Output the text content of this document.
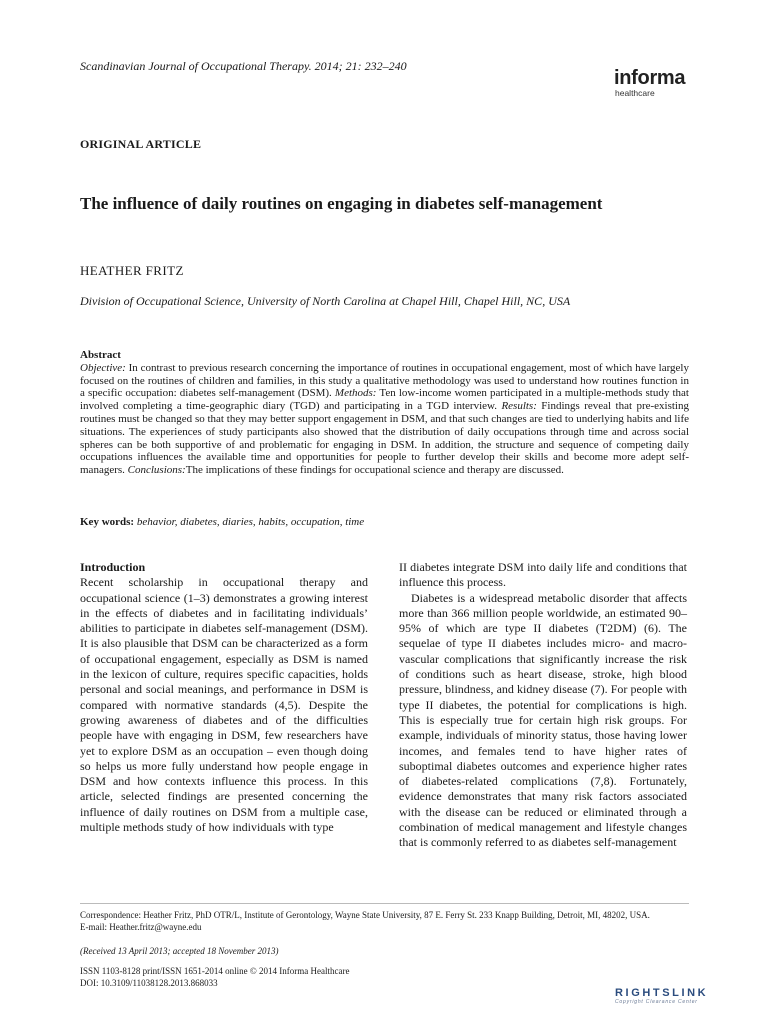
Scandinavian Journal of Occupational Therapy. 2014; 21: 232–240
informa
healthcare
ORIGINAL ARTICLE
The influence of daily routines on engaging in diabetes self-management
HEATHER FRITZ
Division of Occupational Science, University of North Carolina at Chapel Hill, Chapel Hill, NC, USA
Abstract
Objective: In contrast to previous research concerning the importance of routines in occupational engagement, most of which have largely focused on the routines of children and families, in this study a qualitative methodology was used to understand how routines function in a specific occupation: diabetes self-management (DSM). Methods: Ten low-income women participated in a multiple-methods study that involved completing a time-geographic diary (TGD) and participating in a TGD interview. Results: Findings reveal that pre-existing routines must be changed so that they may better support engagement in DSM, and that such changes are tied to underlying habits and life situations. The experiences of study participants also showed that the distribution of daily occupations through time and across social spheres can be both supportive of and problematic for engaging in DSM. In addition, the structure and sequence of competing daily occupations influences the available time and opportunities for people to further develop their skills and become more adept self-managers. Conclusions:The implications of these findings for occupational science and therapy are discussed.
Key words: behavior, diabetes, diaries, habits, occupation, time

Introduction

Recent scholarship in occupational therapy and occupational science (1–3) demonstrates a growing interest in the effects of diabetes and in facilitating individuals’ abilities to participate in diabetes self-management (DSM). It is also plausible that DSM can be characterized as a form of occupational engagement, especially as DSM is named in the lexicon of culture, requires specific capacities, holds personal and social meanings, and performance in DSM is compared with normative standards (4,5). Despite the growing awareness of diabetes and of the difficulties people have with engaging in DSM, few researchers have yet to explore DSM as an occupation – even though doing so helps us more fully understand how people engage in DSM and how contexts influence this process. In this article, selected findings are presented concerning the influence of daily routines on DSM from a multiple case, multiple methods study of how individuals with type

II diabetes integrate DSM into daily life and conditions that influence this process.

Diabetes is a widespread metabolic disorder that affects more than 366 million people worldwide, an estimated 90–95% of which are type II diabetes (T2DM) (6). The sequelae of type II diabetes includes micro- and macro-vascular complications that significantly increase the risk of conditions such as heart disease, stroke, high blood pressure, blindness, and kidney disease (7). For people with type II diabetes, the potential for complications is high. This is especially true for certain high risk groups. For example, individuals of minority status, those having lower incomes, and females tend to have higher rates of suboptimal diabetes outcomes and experience higher rates of diabetes-related complications (7,8). Fortunately, evidence demonstrates that many risk factors associated with the disease can be reduced or eliminated through a combination of medical management and lifestyle changes that is commonly referred to as diabetes self-management

Correspondence: Heather Fritz, PhD OTR/L, Institute of Gerontology, Wayne State University, 87 E. Ferry St. 233 Knapp Building, Detroit, MI, 48202, USA.
E-mail: Heather.fritz@wayne.edu
(Received 13 April 2013; accepted 18 November 2013)
ISSN 1103-8128 print/ISSN 1651-2014 online © 2014 Informa Healthcare
DOI: 10.3109/11038128.2013.868033
RIGHTSLINK
Copyright Clearance Center
